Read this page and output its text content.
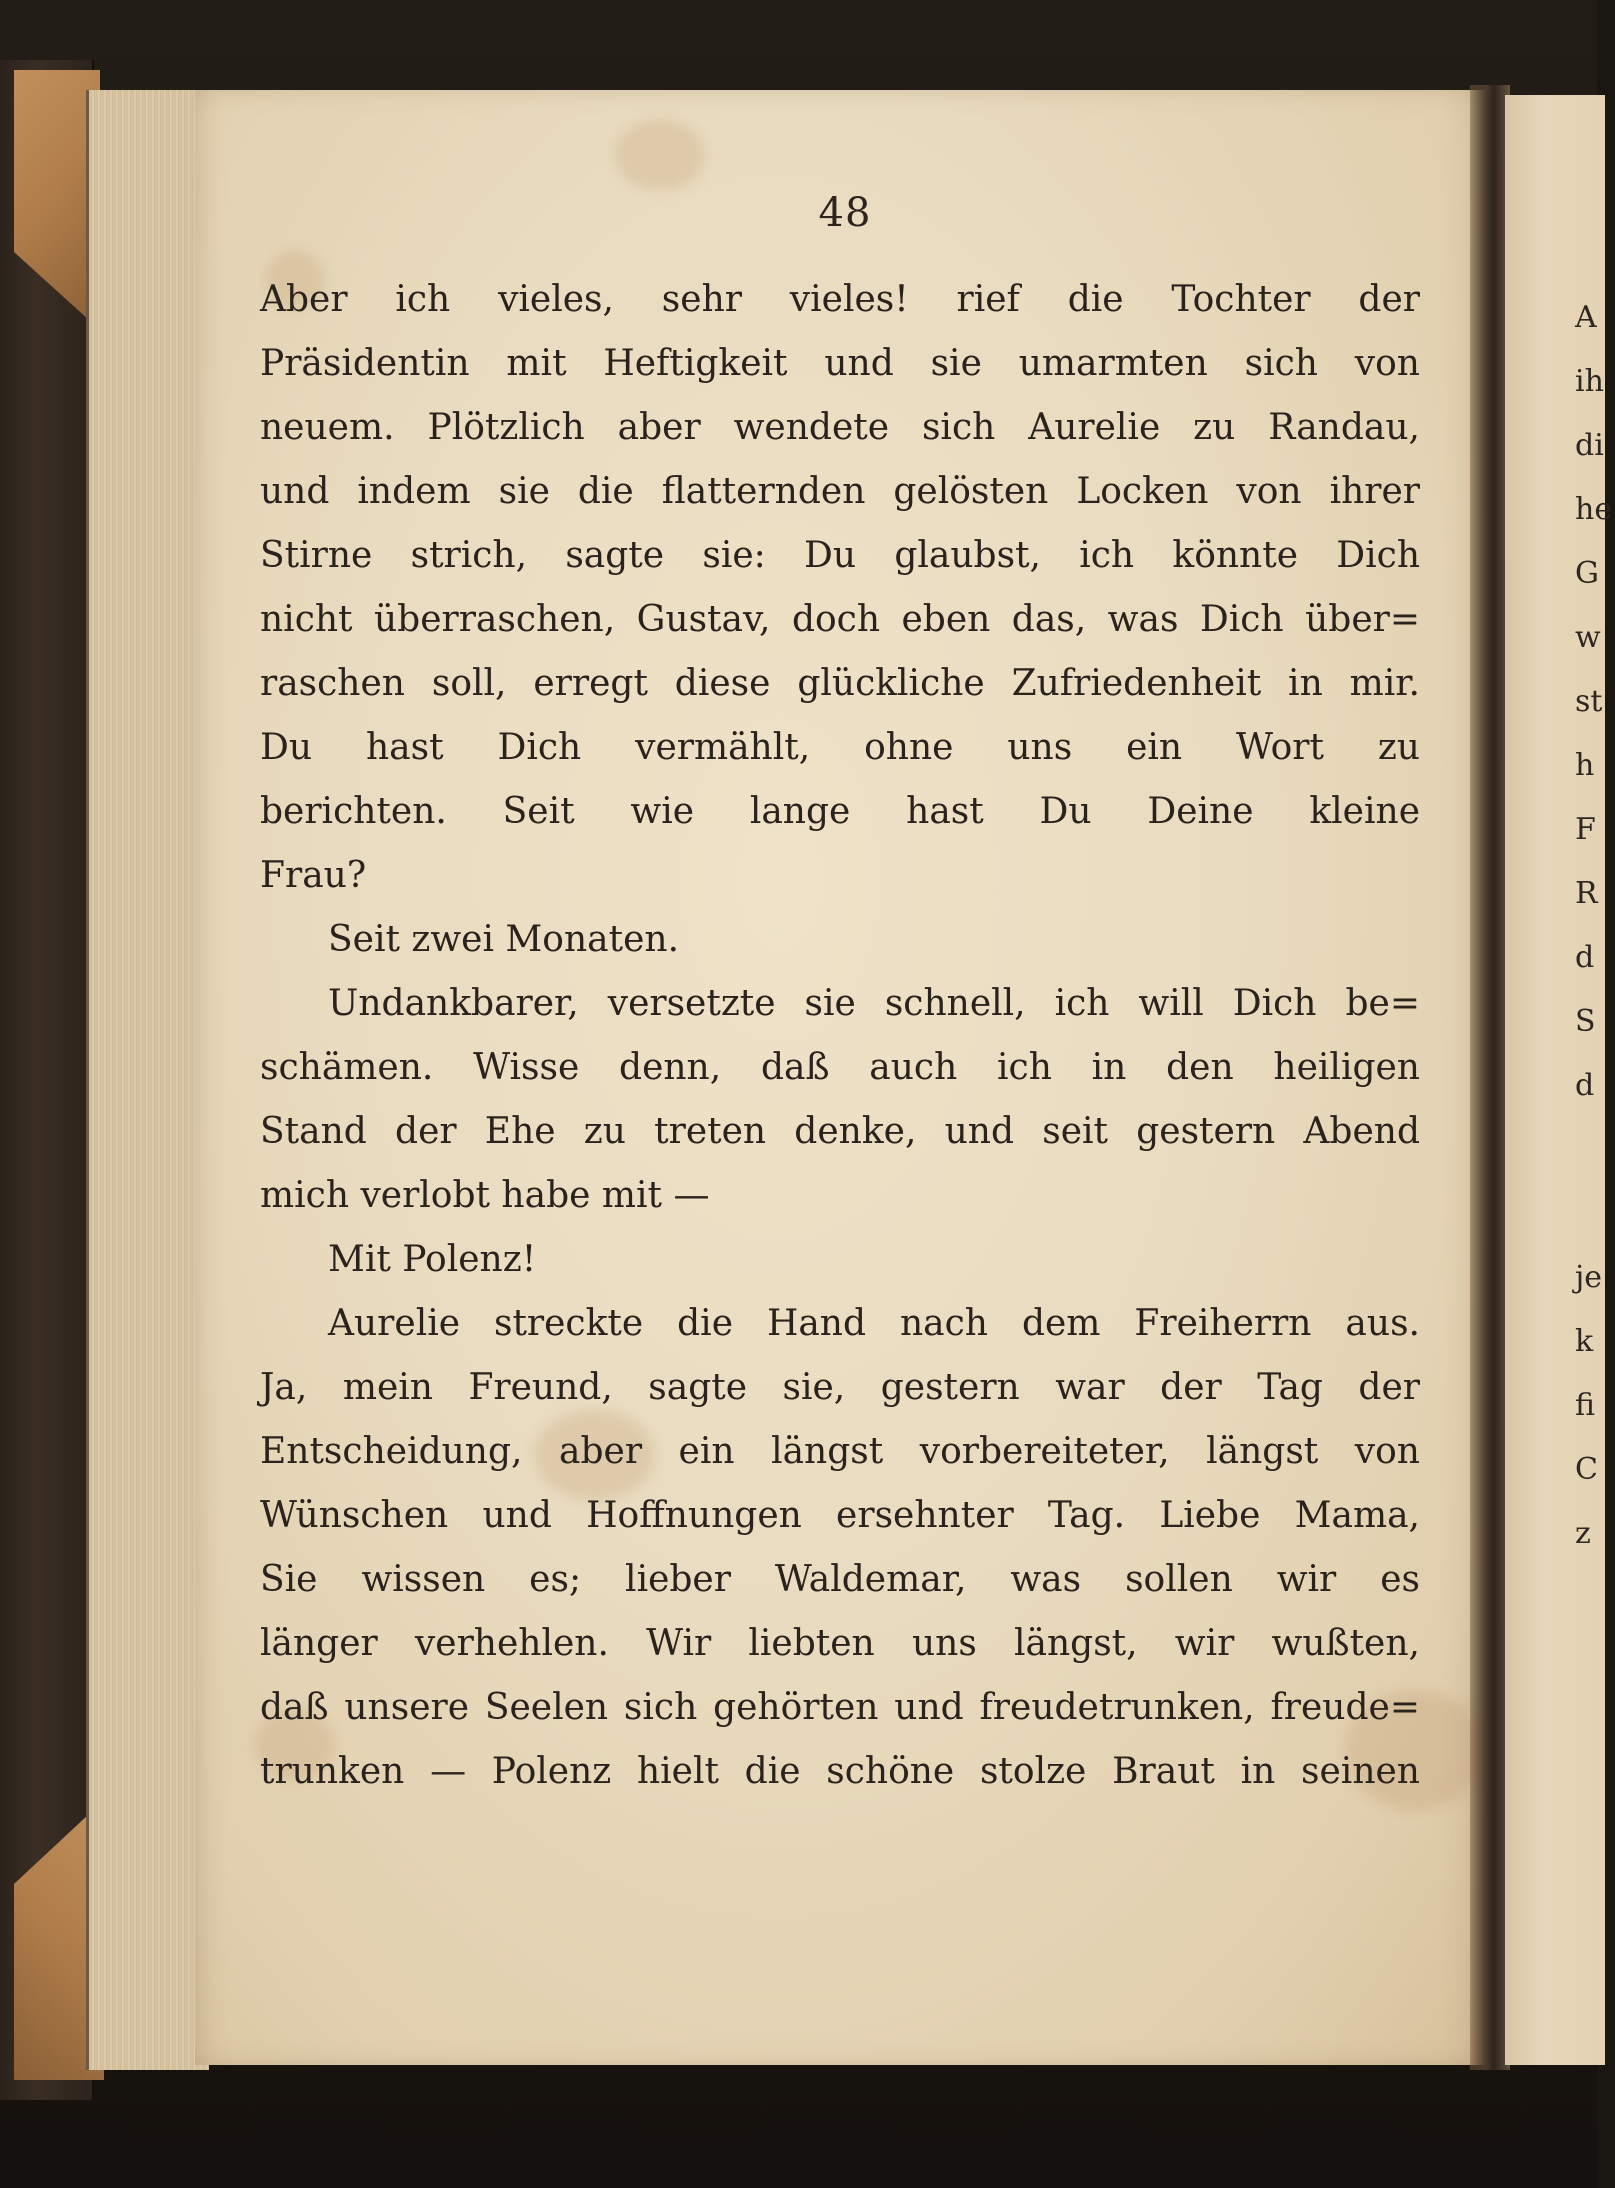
48
Aber ich vieles, sehr vieles! rief die Tochter der
Präsidentin mit Heftigkeit und sie umarmten sich von
neuem. Plötzlich aber wendete sich Aurelie zu Randau,
und indem sie die flatternden gelösten Locken von ihrer
Stirne strich, sagte sie: Du glaubst, ich könnte Dich
nicht überraschen, Gustav, doch eben das, was Dich über=
raschen soll, erregt diese glückliche Zufriedenheit in mir.
Du hast Dich vermählt, ohne uns ein Wort zu
berichten. Seit wie lange hast Du Deine kleine
Frau?
Seit zwei Monaten.
Undankbarer, versetzte sie schnell, ich will Dich be=
schämen. Wisse denn, daß auch ich in den heiligen
Stand der Ehe zu treten denke, und seit gestern Abend
mich verlobt habe mit —
Mit Polenz!
Aurelie streckte die Hand nach dem Freiherrn aus.
Ja, mein Freund, sagte sie, gestern war der Tag der
Entscheidung, aber ein längst vorbereiteter, längst von
Wünschen und Hoffnungen ersehnter Tag. Liebe Mama,
Sie wissen es; lieber Waldemar, was sollen wir es
länger verhehlen. Wir liebten uns längst, wir wußten,
daß unsere Seelen sich gehörten und freudetrunken, freude=
trunken — Polenz hielt die schöne stolze Braut in seinen
A
ih
di
he
G
w
st
h
F
R
d
S
d
je
k
fi
C
z
